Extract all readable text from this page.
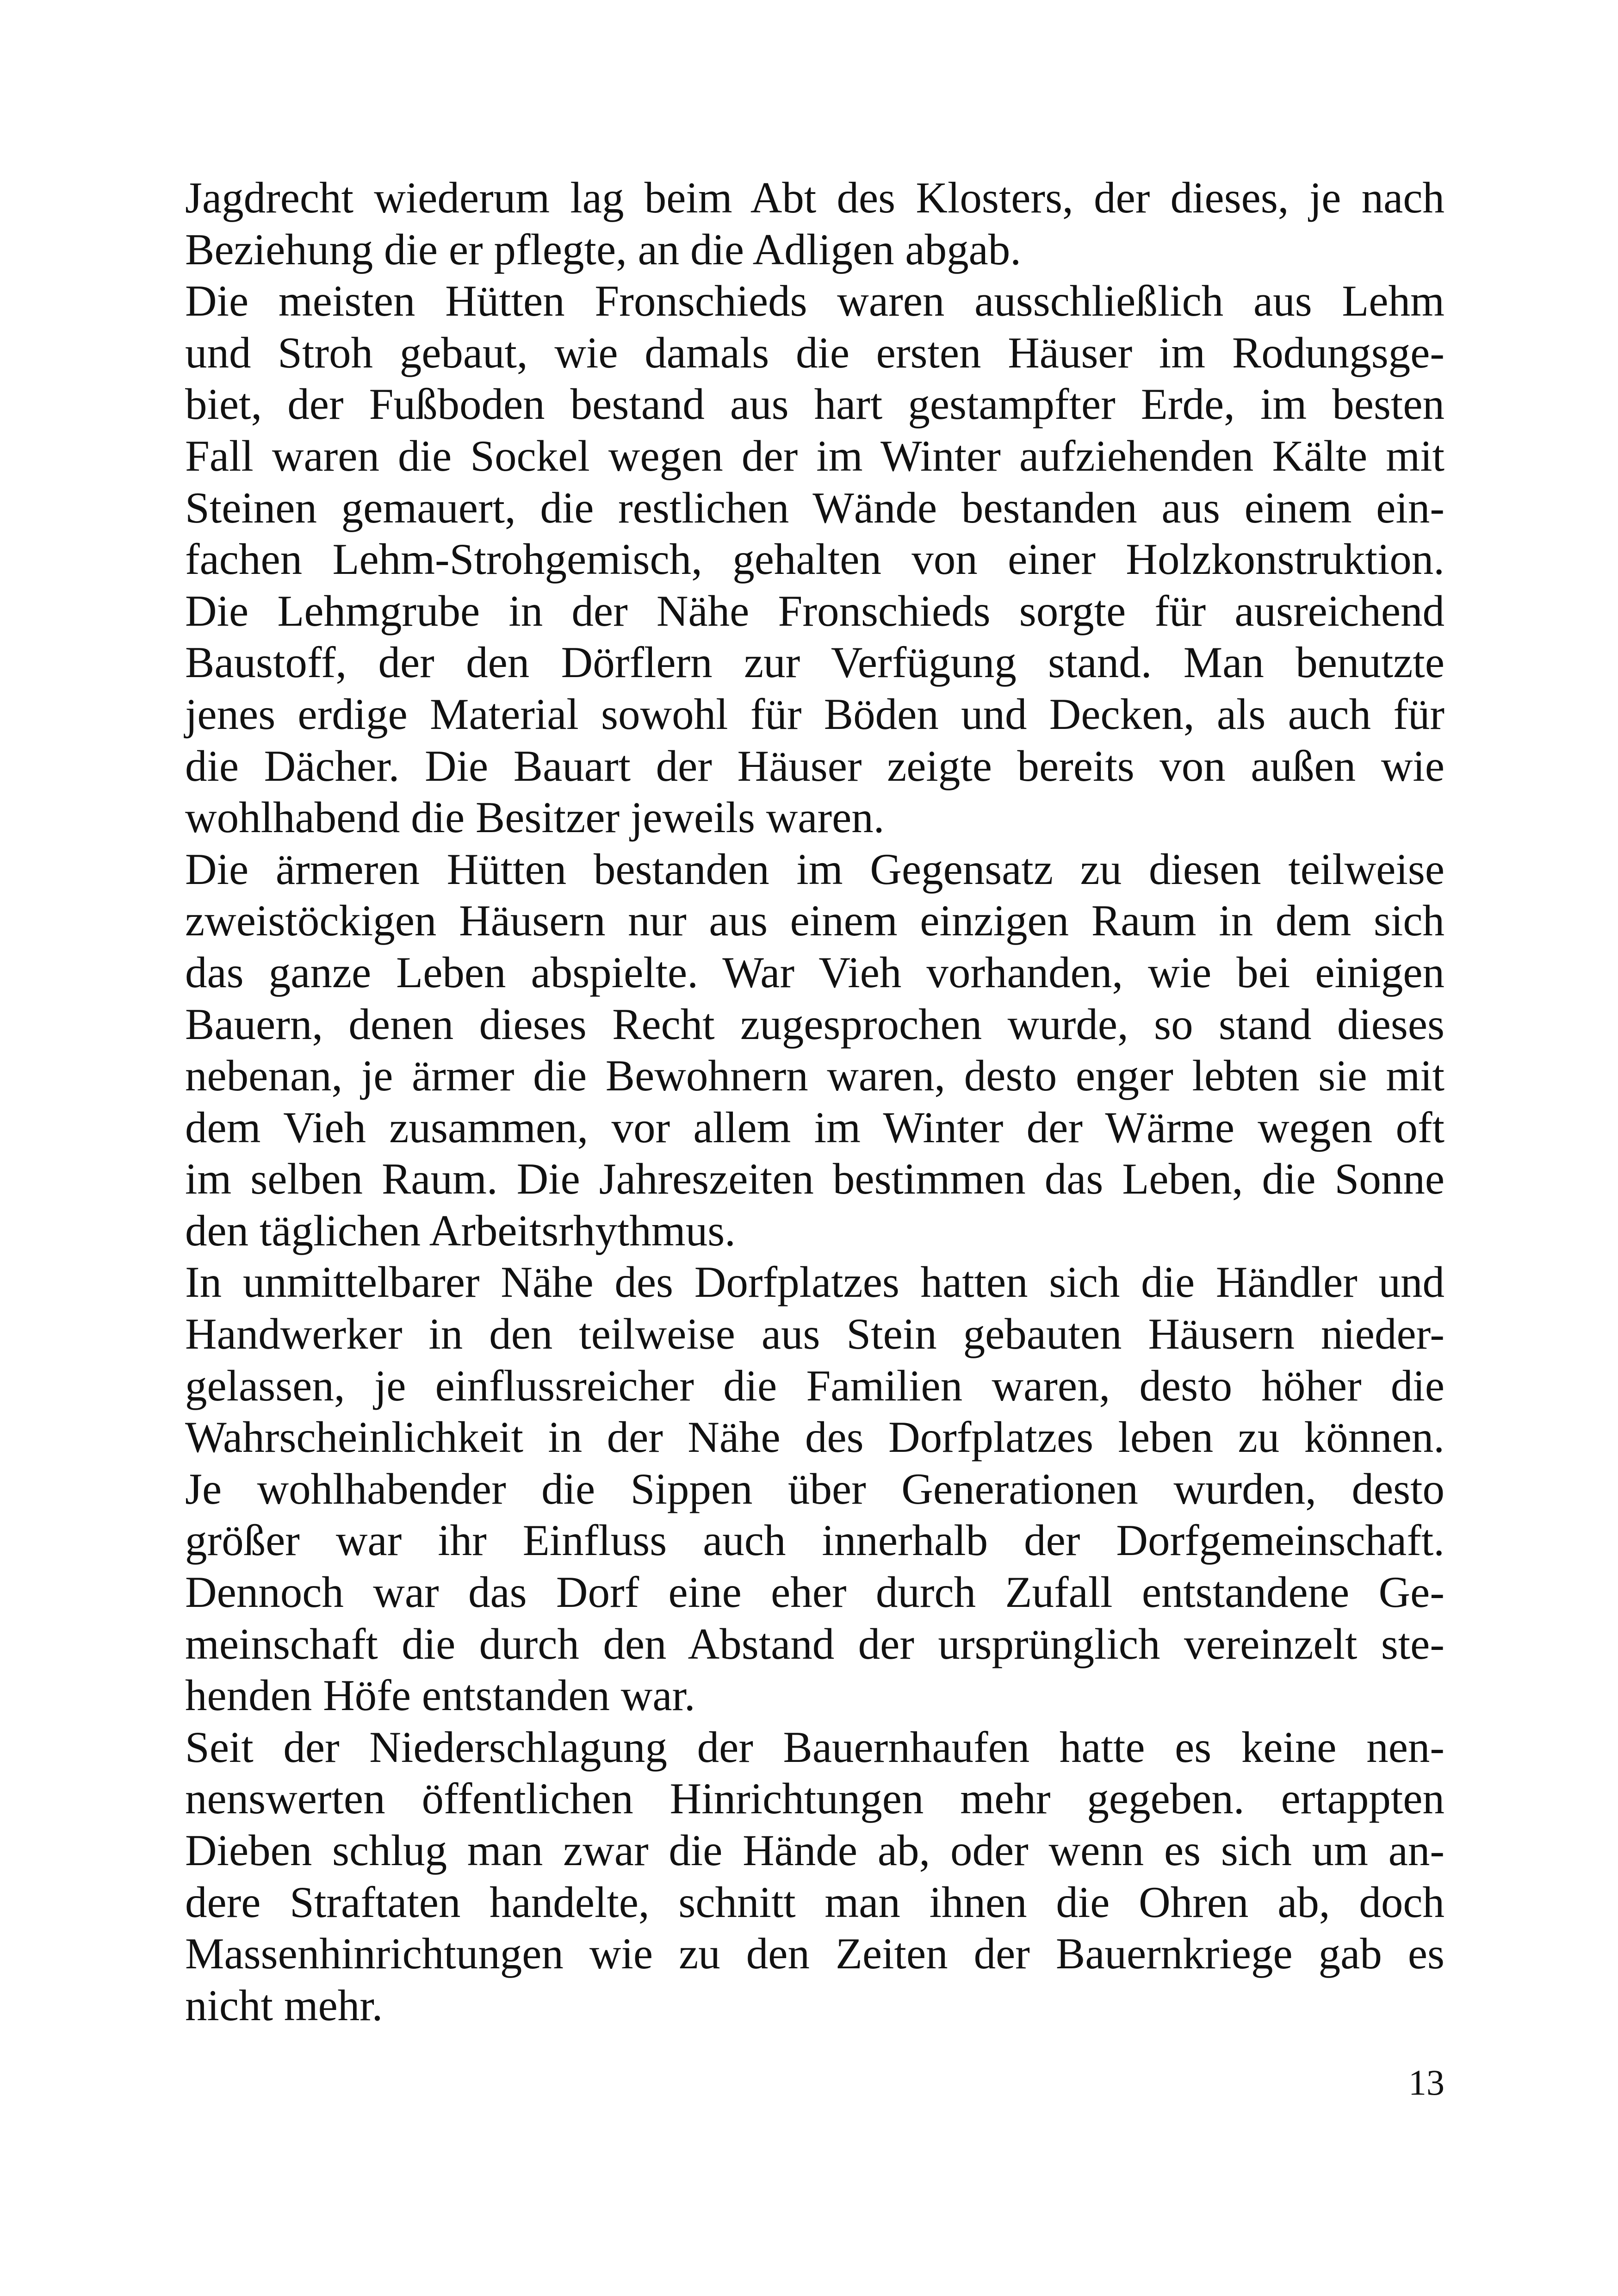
Jagdrecht wiederum lag beim Abt des Klosters, der dieses, je nach
Beziehung die er pflegte, an die Adligen abgab.
Die meisten Hütten Fronschieds waren ausschließlich aus Lehm
und Stroh gebaut, wie damals die ersten Häuser im Rodungsge-
biet, der Fußboden bestand aus hart gestampfter Erde, im besten
Fall waren die Sockel wegen der im Winter aufziehenden Kälte mit
Steinen gemauert, die restlichen Wände bestanden aus einem ein-
fachen Lehm-Strohgemisch, gehalten von einer Holzkonstruktion.
Die Lehmgrube in der Nähe Fronschieds sorgte für ausreichend
Baustoff, der den Dörflern zur Verfügung stand. Man benutzte
jenes erdige Material sowohl für Böden und Decken, als auch für
die Dächer. Die Bauart der Häuser zeigte bereits von außen wie
wohlhabend die Besitzer jeweils waren.
Die ärmeren Hütten bestanden im Gegensatz zu diesen teilweise
zweistöckigen Häusern nur aus einem einzigen Raum in dem sich
das ganze Leben abspielte. War Vieh vorhanden, wie bei einigen
Bauern, denen dieses Recht zugesprochen wurde, so stand dieses
nebenan, je ärmer die Bewohnern waren, desto enger lebten sie mit
dem Vieh zusammen, vor allem im Winter der Wärme wegen oft
im selben Raum. Die Jahreszeiten bestimmen das Leben, die Sonne
den täglichen Arbeitsrhythmus.
In unmittelbarer Nähe des Dorfplatzes hatten sich die Händler und
Handwerker in den teilweise aus Stein gebauten Häusern nieder-
gelassen, je einflussreicher die Familien waren, desto höher die
Wahrscheinlichkeit in der Nähe des Dorfplatzes leben zu können.
Je wohlhabender die Sippen über Generationen wurden, desto
größer war ihr Einfluss auch innerhalb der Dorfgemeinschaft.
Dennoch war das Dorf eine eher durch Zufall entstandene Ge-
meinschaft die durch den Abstand der ursprünglich vereinzelt ste-
henden Höfe entstanden war.
Seit der Niederschlagung der Bauernhaufen hatte es keine nen-
nenswerten öffentlichen Hinrichtungen mehr gegeben. ertappten
Dieben schlug man zwar die Hände ab, oder wenn es sich um an-
dere Straftaten handelte, schnitt man ihnen die Ohren ab, doch
Massenhinrichtungen wie zu den Zeiten der Bauernkriege gab es
nicht mehr.
13
